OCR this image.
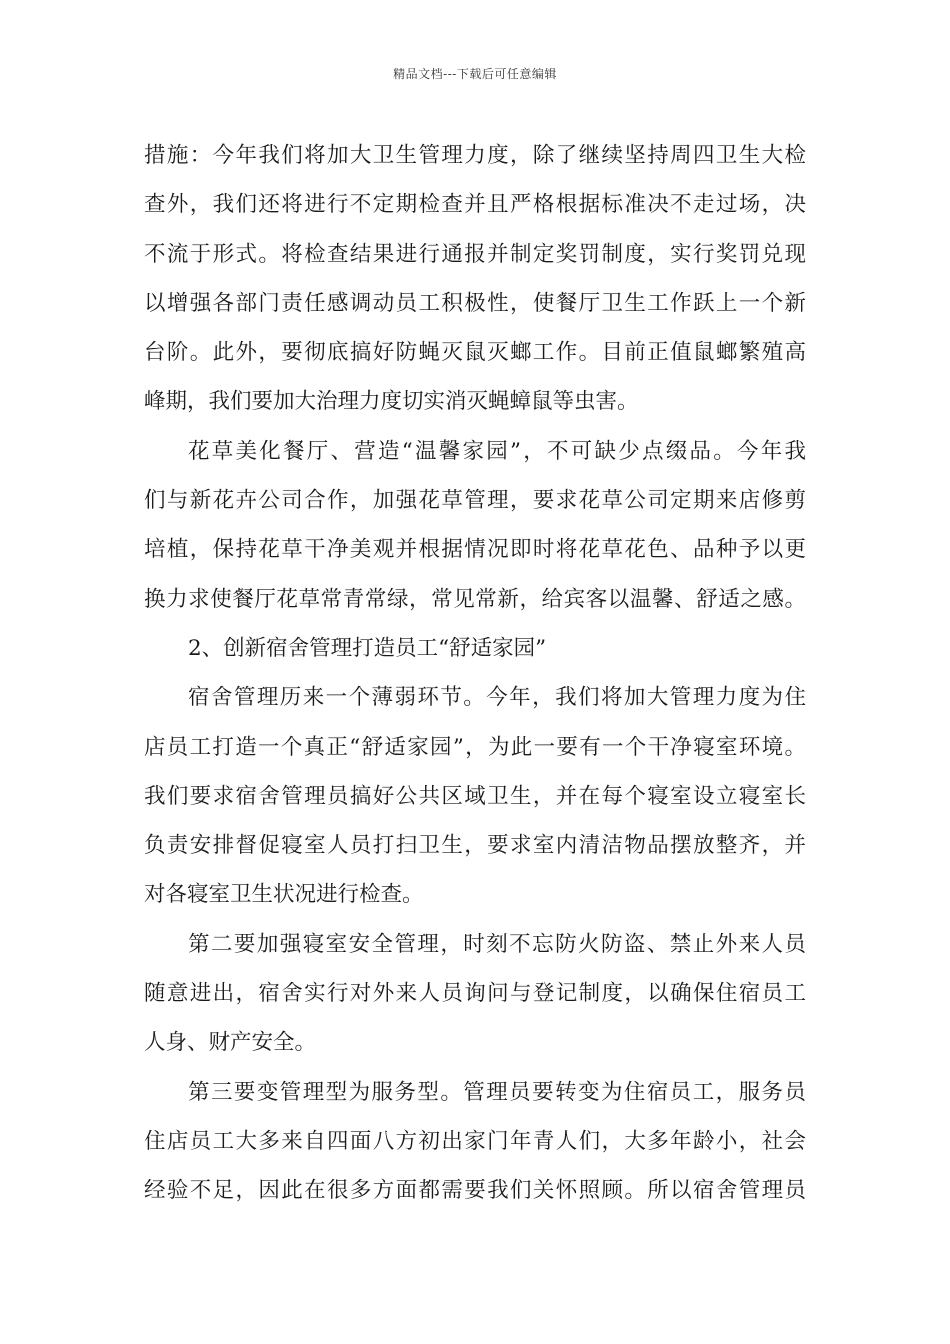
精品文档---下载后可任意编辑
措施：今年我们将加大卫生管理力度，除了继续坚持周四卫生大检
查外，我们还将进行不定期检查并且严格根据标准决不走过场，决
不流于形式。将检查结果进行通报并制定奖罚制度，实行奖罚兑现
以增强各部门责任感调动员工积极性，使餐厅卫生工作跃上一个新
台阶。此外，要彻底搞好防蝇灭鼠灭螂工作。目前正值鼠螂繁殖高
峰期，我们要加大治理力度切实消灭蝇蟑鼠等虫害。
花草美化餐厅、营造“温馨家园”，不可缺少点缀品。今年我
们与新花卉公司合作，加强花草管理，要求花草公司定期来店修剪
培植，保持花草干净美观并根据情况即时将花草花色、品种予以更
换力求使餐厅花草常青常绿，常见常新，给宾客以温馨、舒适之感。
2、创新宿舍管理打造员工“舒适家园”
宿舍管理历来一个薄弱环节。今年，我们将加大管理力度为住
店员工打造一个真正“舒适家园”，为此一要有一个干净寝室环境。
我们要求宿舍管理员搞好公共区域卫生，并在每个寝室设立寝室长
负责安排督促寝室人员打扫卫生，要求室内清洁物品摆放整齐，并
对各寝室卫生状况进行检查。
第二要加强寝室安全管理，时刻不忘防火防盗、禁止外来人员
随意进出，宿舍实行对外来人员询问与登记制度，以确保住宿员工
人身、财产安全。
第三要变管理型为服务型。管理员要转变为住宿员工，服务员
住店员工大多来自四面八方初出家门年青人们，大多年龄小，社会
经验不足，因此在很多方面都需要我们关怀照顾。所以宿舍管理员
